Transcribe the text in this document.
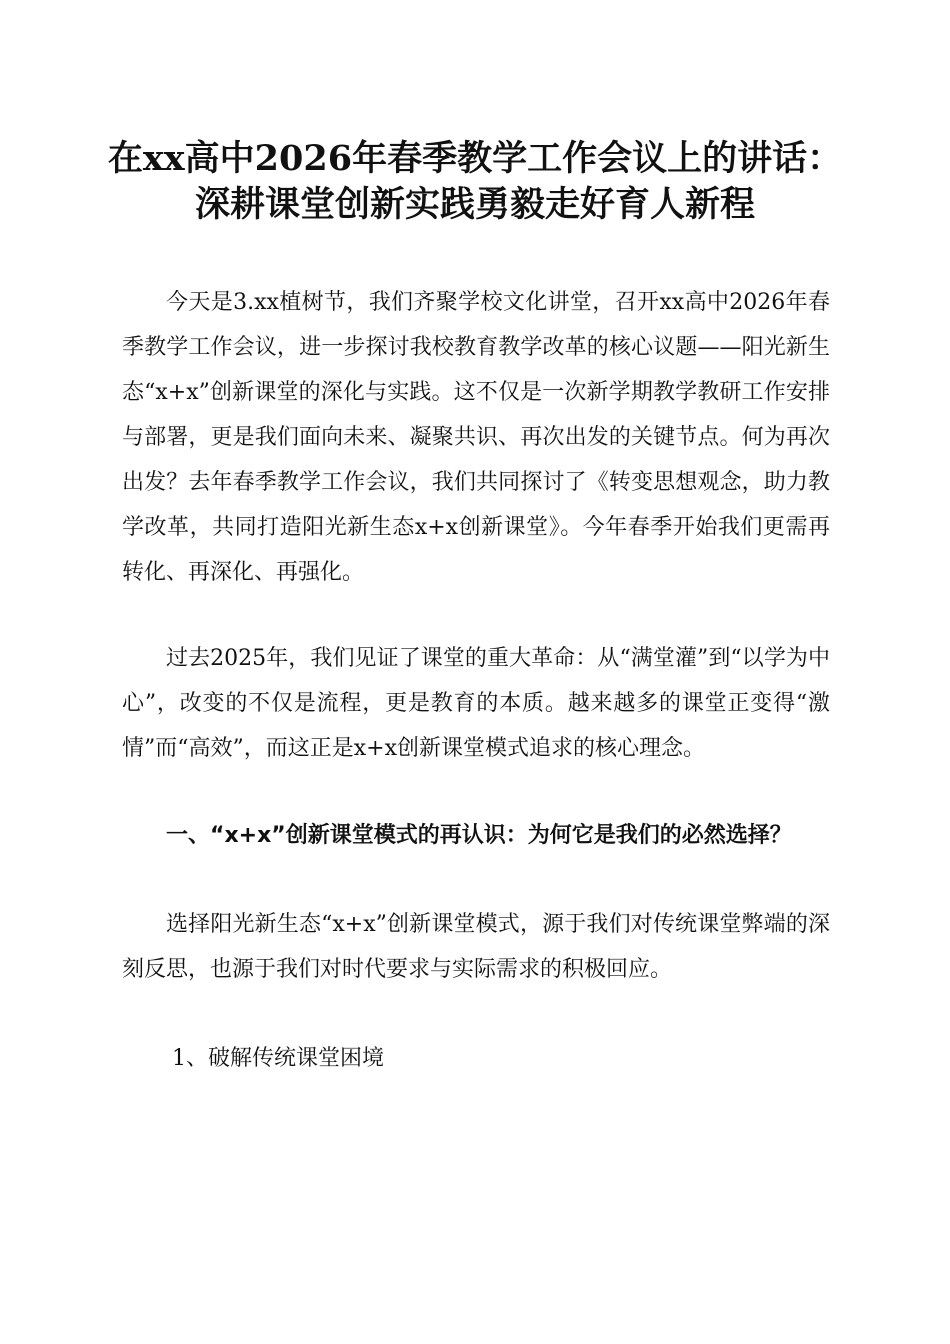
在xx高中2026年春季教学工作会议上的讲话：
深耕课堂创新实践勇毅走好育人新程
今天是3.xx植树节，我们齐聚学校文化讲堂，召开xx高中2026年春季教学工作会议，进一步探讨我校教育教学改革的核心议题——阳光新生态“x+x”创新课堂的深化与实践。这不仅是一次新学期教学教研工作安排与部署，更是我们面向未来、凝聚共识、再次出发的关键节点。何为再次出发？去年春季教学工作会议，我们共同探讨了《转变思想观念，助力教学改革，共同打造阳光新生态x+x创新课堂》。今年春季开始我们更需再转化、再深化、再强化。
过去2025年，我们见证了课堂的重大革命：从“满堂灌”到“以学为中心”，改变的不仅是流程，更是教育的本质。越来越多的课堂正变得“激情”而“高效”，而这正是x+x创新课堂模式追求的核心理念。
一、“x+x”创新课堂模式的再认识：为何它是我们的必然选择？
选择阳光新生态“x+x”创新课堂模式，源于我们对传统课堂弊端的深刻反思，也源于我们对时代要求与实际需求的积极回应。
1、破解传统课堂困境
